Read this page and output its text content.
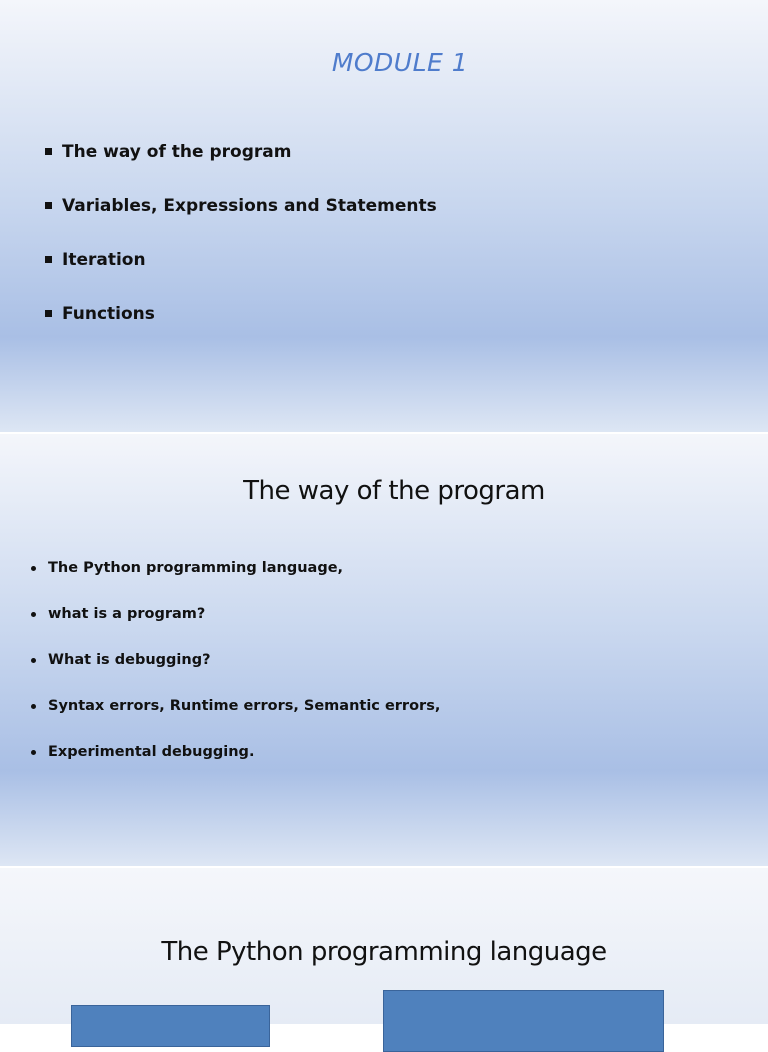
MODULE 1
The way of the program
Variables, Expressions and Statements
Iteration
Functions
The way of the program
The Python programming language,
what is a program?
What is debugging?
Syntax errors, Runtime errors, Semantic errors,
Experimental debugging.
The Python programming language
